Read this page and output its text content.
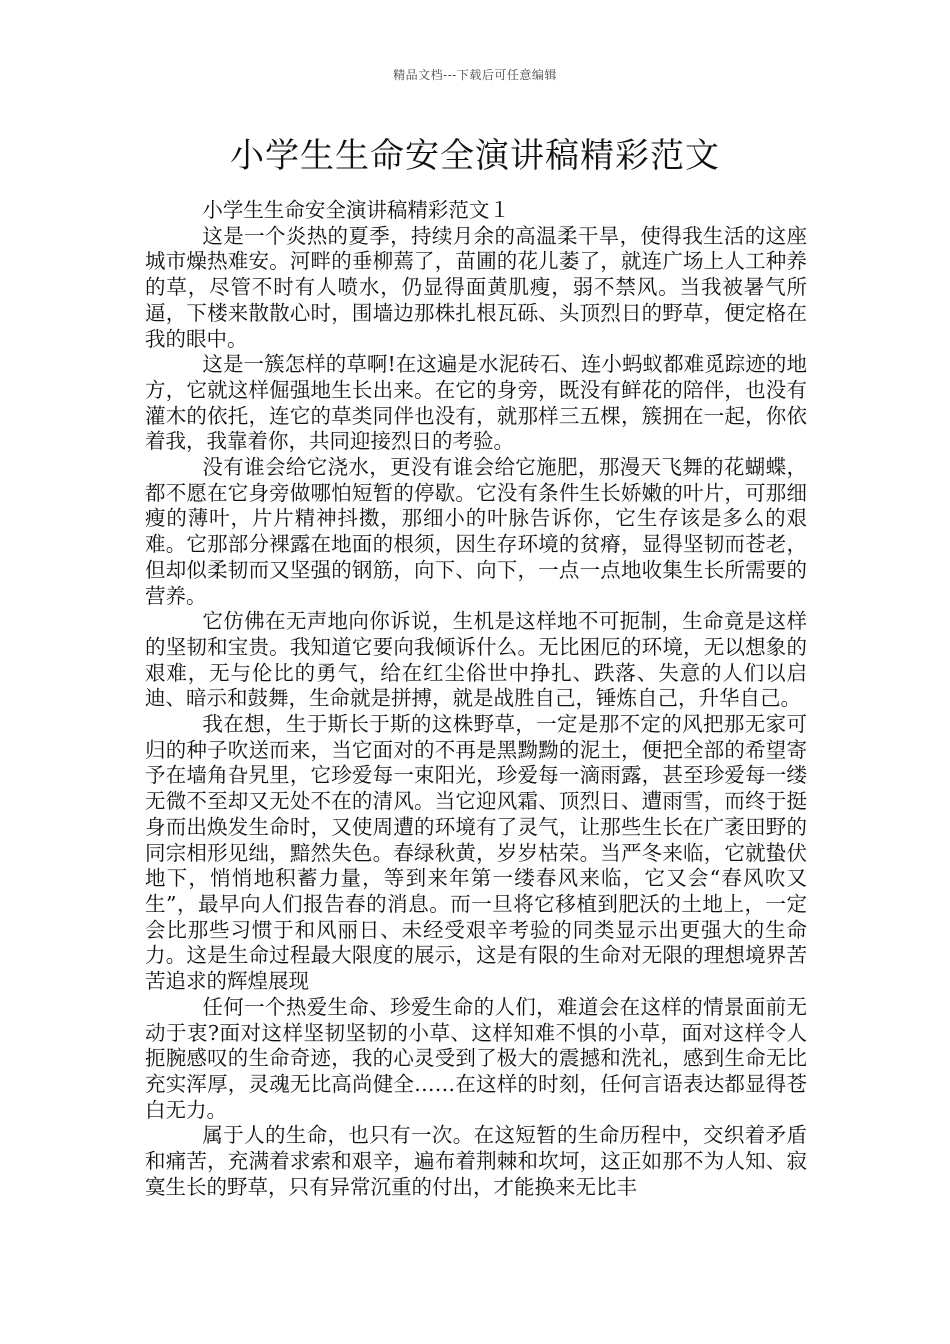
精品文档---下载后可任意编辑
小学生生命安全演讲稿精彩范文

小学生生命安全演讲稿精彩范文１

这是一个炎热的夏季，持续月余的高温柔干旱，使得我生活的这座城市燥热难安。河畔的垂柳蔫了，苗圃的花儿萎了，就连广场上人工种养的草，尽管不时有人喷水，仍显得面黄肌瘦，弱不禁风。当我被暑气所逼，下楼来散散心时，围墙边那株扎根瓦砾、头顶烈日的野草，便定格在我的眼中。

这是一簇怎样的草啊!在这遍是水泥砖石、连小蚂蚁都难觅踪迹的地方，它就这样倔强地生长出来。在它的身旁，既没有鲜花的陪伴，也没有灌木的依托，连它的草类同伴也没有，就那样三五棵，簇拥在一起，你依着我，我靠着你，共同迎接烈日的考验。

没有谁会给它浇水，更没有谁会给它施肥，那漫天飞舞的花蝴蝶，都不愿在它身旁做哪怕短暂的停歇。它没有条件生长娇嫩的叶片，可那细瘦的薄叶，片片精神抖擞，那细小的叶脉告诉你，它生存该是多么的艰难。它那部分裸露在地面的根须，因生存环境的贫瘠，显得坚韧而苍老，但却似柔韧而又坚强的钢筋，向下、向下，一点一点地收集生长所需要的营养。

它仿佛在无声地向你诉说，生机是这样地不可扼制，生命竟是这样的坚韧和宝贵。我知道它要向我倾诉什么。无比困厄的环境，无以想象的艰难，无与伦比的勇气，给在红尘俗世中挣扎、跌落、失意的人们以启迪、暗示和鼓舞，生命就是拼搏，就是战胜自己，锤炼自己，升华自己。

我在想，生于斯长于斯的这株野草，一定是那不定的风把那无家可归的种子吹送而来，当它面对的不再是黑黝黝的泥土，便把全部的希望寄予在墙角旮旯里，它珍爱每一束阳光，珍爱每一滴雨露，甚至珍爱每一缕无微不至却又无处不在的清风。当它迎风霜、顶烈日、遭雨雪，而终于挺身而出焕发生命时，又使周遭的环境有了灵气，让那些生长在广袤田野的同宗相形见绌，黯然失色。春绿秋黄，岁岁枯荣。当严冬来临，它就蛰伏地下，悄悄地积蓄力量，等到来年第一缕春风来临，它又会“春风吹又生”，最早向人们报告春的消息。而一旦将它移植到肥沃的土地上，一定会比那些习惯于和风丽日、未经受艰辛考验的同类显示出更强大的生命力。这是生命过程最大限度的展示，这是有限的生命对无限的理想境界苦苦追求的辉煌展现

任何一个热爱生命、珍爱生命的人们，难道会在这样的情景面前无动于衷?面对这样坚韧坚韧的小草、这样知难不惧的小草，面对这样令人扼腕感叹的生命奇迹，我的心灵受到了极大的震撼和洗礼，感到生命无比充实浑厚，灵魂无比高尚健全……在这样的时刻，任何言语表达都显得苍白无力。

属于人的生命，也只有一次。在这短暂的生命历程中，交织着矛盾和痛苦，充满着求索和艰辛，遍布着荆棘和坎坷，这正如那不为人知、寂寞生长的野草，只有异常沉重的付出，才能换来无比丰
